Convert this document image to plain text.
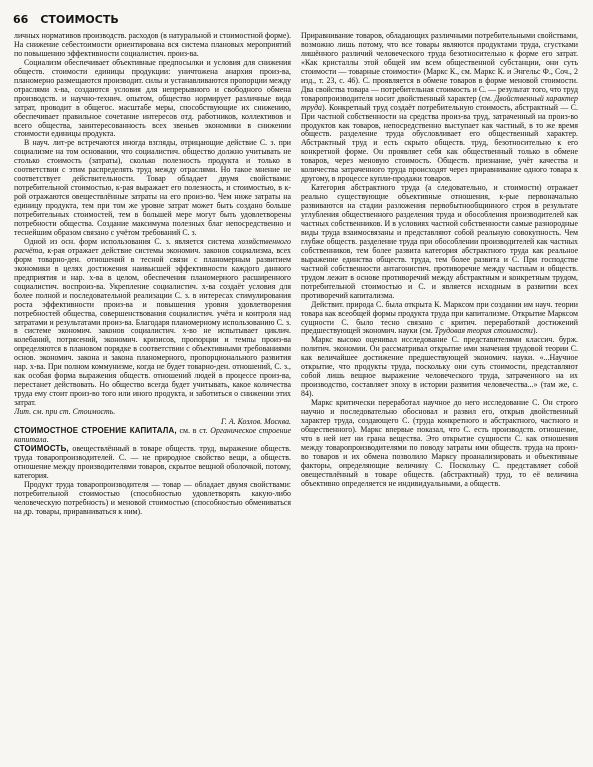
66 СТОИМОСТЬ

личных нормативов производств. расходов (в натуральной и стоимостной форме). На снижение себестоимости ориентирована вся система плановых мероприятий по повышению эффективности социалистич. произ-ва.

Социализм обеспечивает объективные предпосылки и условия для снижения обществ. стоимости единицы продукции: уничтожена анархия произ-ва, планомерно размещаются производит. силы и устанавливаются пропорции между отраслями х-ва, создаются условия для непрерывного и свободного обмена производств. и научно-технич. опытом, общество нормирует различные вида затрат, проводит в общегос. масштабе меры, способствующие их снижению, обеспечивает правильное сочетание интересов отд. работников, коллективов и всего общества, заинтересованность всех звеньев экономики в снижении стоимости единицы продукта.

В науч. лит-ре встречаются иногда взгляды, отрицающие действие С. з. при социализме на том основании, что социалистич. общество должно учитывать не столько стоимость (затраты), сколько полезность продукта и только в соответствии с этим распределять труд между отраслями. Но такое мнение не соответствует действительности. Товар обладает двумя свойствами: потребительной стоимостью, к-рая выражает его полезность, и стоимостью, в к-рой отражаются овеществлённые затраты на его произ-во. Чем ниже затраты на единицу продукта, тем при том же уровне затрат может быть создано больше потребительных стоимостей, тем в большей мере могут быть удовлетворены потребности общества. Создание максимума полезных благ непосредственно и теснейшим образом связано с учётом требований С. з.

Одной из осн. форм использования С. з. является система хозяйственного расчёта, к-рая отражает действие системы экономич. законов социализма, всех форм товарно-ден. отношений в тесной связи с планомерным развитием экономики в целях достижения наивысшей эффективности каждого данного предприятия и нар. х-ва в целом, обеспечения планомерного расширенного социалистич. воспроиз-ва. Укрепление социалистич. х-ва создаёт условия для более полной и последовательной реализации С. з. в интересах стимулирования роста эффективности произ-ва и повышения уровня удовлетворения потребностей общества, совершенствования социалистич. учёта и контроля над затратами и результатами произ-ва. Благодаря планомерному использованию С. з. в системе экономич. законов социалистич. х-во не испытывает циклич. колебаний, потрясений, экономич. кризисов, пропорции и темпы произ-ва определяются в плановом порядке в соответствии с объективными требованиями основ. экономич. закона и закона планомерного, пропорционального развития нар. х-ва. При полном коммунизме, когда не будет товарно-ден. отношений, С. з., как особая форма выражения обществ. отношений людей в процессе произ-ва, перестанет действовать. Но общество всегда будет учитывать, какое количества труда ему стоит произ-во того или иного продукта, и заботиться о снижении этих затрат.

Лит. см. при ст. Стоимость.

Г. А. Козлов. Москва.

СТОИМОСТНОЕ СТРОЕНИЕ КАПИТАЛА, см. в ст. Органическое строение капитала.

СТОИМОСТЬ, овеществлённый в товаре обществ. труд, выражение обществ. труда товаропроизводителей. С. — не природное свойство вещи, а обществ. отношение между производителями товаров, скрытое вещной оболочкой, потому, категория.

Продукт труда товаропроизводителя — товар — обладает двумя свойствами: потребительной стоимостью (способностью удовлетворять какую-либо человеческую потребность) и меновой стоимостью (способностью обмениваться на др. товары, приравниваться к ним).

Приравнивание товаров, обладающих различными потребительными свойствами, возможно лишь потому, что все товары являются продуктами труда, сгустками лишённого различий человеческого труда безотносительно к форме его затрат. «Как кристаллы этой общей им всем общественной субстанции, они суть стоимости — товарные стоимости» (Маркс К., см. Маркс К. и Энгельс Ф., Соч., 2 изд., т. 23, с. 46). С. проявляется в обмене товаров в форме меновой стоимости. Два свойства товара — потребительная стоимость и С. — результат того, что труд товаропроизводителя носит двойственный характер (см. Двойственный характер труда). Конкретный труд создаёт потребительную стоимость, абстрактный — С. При частной собственности на средства произ-ва труд, затраченный на произ-во продуктов как товаров, непосредственно выступает как частный, в то же время обществ. разделение труда обусловливает его общественный характер. Абстрактный труд и есть скрыто обществ. труд, безотносительно к его конкретной форме. Он проявляет себя как общественный только в обмене товаров, через меновую стоимость. Обществ. признание, учёт качества и количества затраченного труда происходят через приравнивание одного товара к другому, в процессе купли-продажи товаров.

Категория абстрактного труда (а следовательно, и стоимости) отражает реально существующие объективные отношения, к-рые первоначально развиваются на стадии разложения первобытнообщинного строя в результате углубления общественного разделения труда и обособления производителей как частных собственников. И в условиях частной собственности самые разнородные виды труда взаимосвязаны и представляют собой реальную совокупность. Чем глубже обществ. разделение труда при обособлении производителей как частных собственников, тем более развита категория абстрактного труда как реальное выражение единства обществ. труда, тем более развита и С. При господстве частной собственности антагонистич. противоречие между частным и обществ. трудом лежит в основе противоречий между абстрактным и конкретным трудом, потребительной стоимостью и С. и является исходным в развитии всех противоречий капитализма.

Действит. природа С. была открыта К. Марксом при создании им науч. теории товара как всеобщей формы продукта труда при капитализме. Открытие Марксом сущности С. было тесно связано с критич. переработкой достижений предшествующей экономич. науки (см. Трудовая теория стоимости).

Маркс высоко оценивал исследование С. представителями классич. бурж. политич. экономии. Он рассматривал открытие ими значения трудовой теории С. как величайшее достижение предшествующей экономич. науки. «...Научное открытие, что продукты труда, поскольку они суть стоимости, представляют собой лишь вещное выражение человеческого труда, затраченного на их производство, составляет эпоху в истории развития человечества...» (там же, с. 84).

Маркс критически переработал научное до него исследование С. Он строго научно и последовательно обосновал и развил его, открыв двойственный характер труда, создающего С. (труда конкретного и абстрактного, частного и общественного). Маркс впервые показал, что С. есть производств. отношение, что в ней нет ни грана вещества. Это открытие сущности С. как отношения между товаропроизводителями по поводу затраты ими обществ. труда на произ-во товаров и их обмена позволило Марксу проанализировать и объективные факторы, определяющие величину С. Посколькy С. представляет собой овеществлённый в товаре обществ. (абстрактный) труд, то её величина объективно определяется не индивидуальными, а обществ.
